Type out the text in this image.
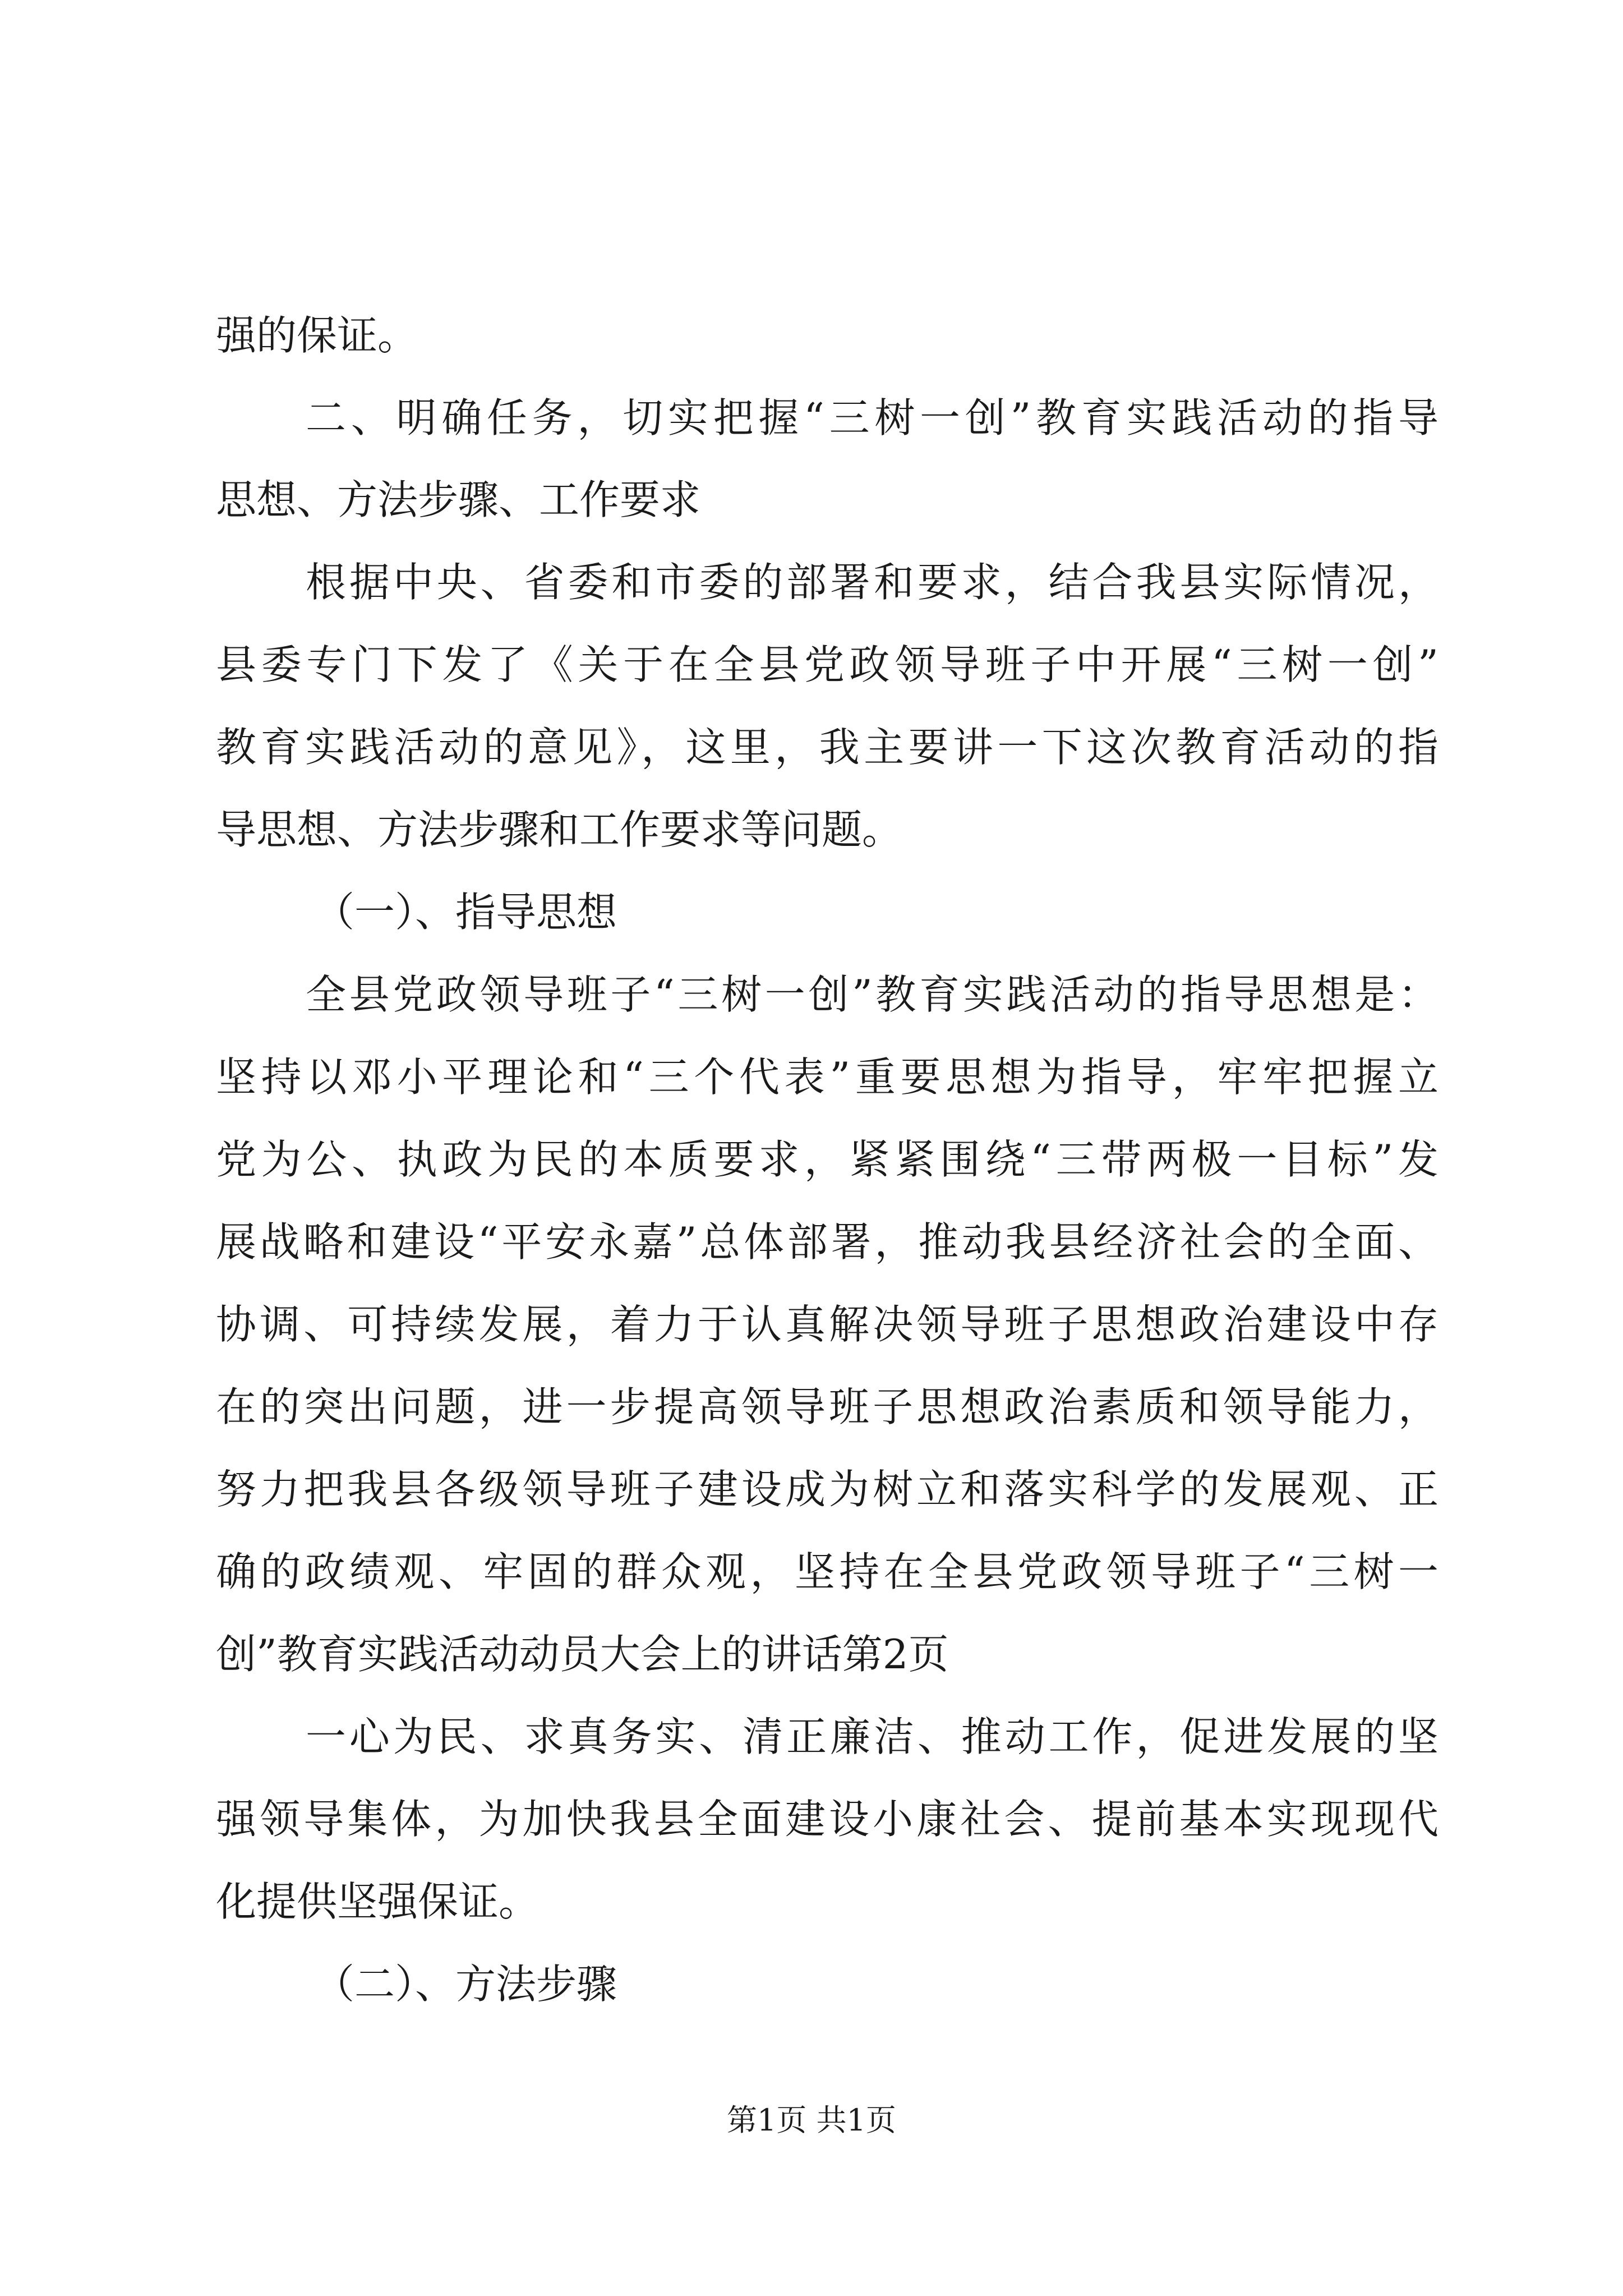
强的保证。
二、明确任务，切实把握“三树一创”教育实践活动的指导
思想、方法步骤、工作要求
根据中央、省委和市委的部署和要求，结合我县实际情况，
县委专门下发了《关于在全县党政领导班子中开展“三树一创”
教育实践活动的意见》，这里，我主要讲一下这次教育活动的指
导思想、方法步骤和工作要求等问题。
（一）、指导思想
全县党政领导班子“三树一创”教育实践活动的指导思想是：
坚持以邓小平理论和“三个代表”重要思想为指导，牢牢把握立
党为公、执政为民的本质要求，紧紧围绕“三带两极一目标”发
展战略和建设“平安永嘉”总体部署，推动我县经济社会的全面、
协调、可持续发展，着力于认真解决领导班子思想政治建设中存
在的突出问题，进一步提高领导班子思想政治素质和领导能力，
努力把我县各级领导班子建设成为树立和落实科学的发展观、正
确的政绩观、牢固的群众观，坚持在全县党政领导班子“三树一
创”教育实践活动动员大会上的讲话第2页
一心为民、求真务实、清正廉洁、推动工作，促进发展的坚
强领导集体，为加快我县全面建设小康社会、提前基本实现现代
化提供坚强保证。
（二）、方法步骤
第1页 共1页
